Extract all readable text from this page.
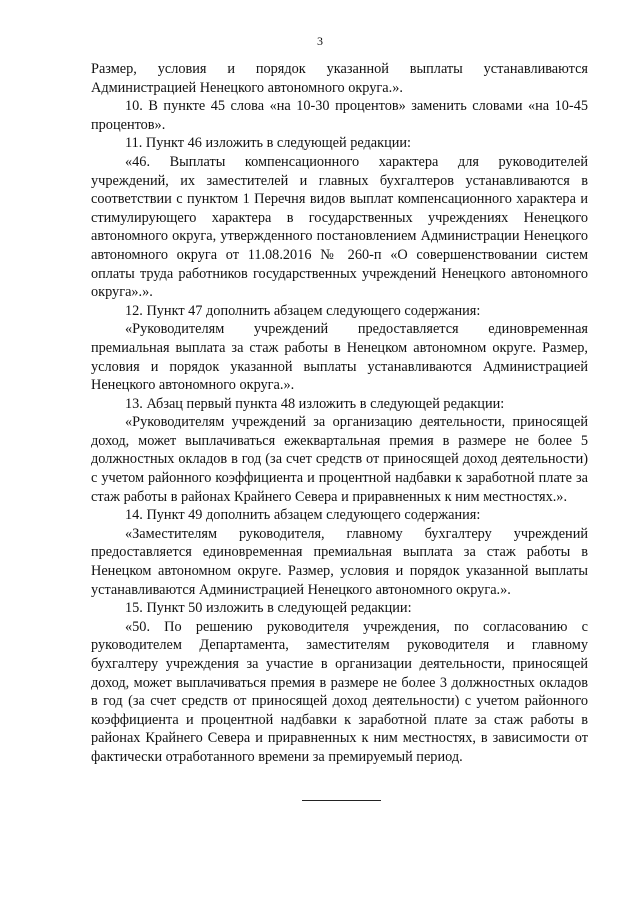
3

Размер, условия и порядок указанной выплаты устанавливаются Администрацией Ненецкого автономного округа.».

10. В пункте 45 слова «на 10-30 процентов» заменить словами «на 10-45 процентов».

11. Пункт 46 изложить в следующей редакции:

«46. Выплаты компенсационного характера для руководителей учреждений, их заместителей и главных бухгалтеров устанавливаются в соответствии с пунктом 1 Перечня видов выплат компенсационного характера и стимулирующего характера в государственных учреждениях Ненецкого автономного округа, утвержденного постановлением Администрации Ненецкого автономного округа от 11.08.2016 № 260-п «О совершенствовании систем оплаты труда работников государственных учреждений Ненецкого автономного округа».».

12. Пункт 47 дополнить абзацем следующего содержания:

«Руководителям учреждений предоставляется единовременная премиальная выплата за стаж работы в Ненецком автономном округе. Размер, условия и порядок указанной выплаты устанавливаются Администрацией Ненецкого автономного округа.».

13. Абзац первый пункта 48 изложить в следующей редакции:

«Руководителям учреждений за организацию деятельности, приносящей доход, может выплачиваться ежеквартальная премия в размере не более 5 должностных окладов в год (за счет средств от приносящей доход деятельности) с учетом районного коэффициента и процентной надбавки к заработной плате за стаж работы в районах Крайнего Севера и приравненных к ним местностях.».

14. Пункт 49 дополнить абзацем следующего содержания:

«Заместителям руководителя, главному бухгалтеру учреждений предоставляется единовременная премиальная выплата за стаж работы в Ненецком автономном округе. Размер, условия и порядок указанной выплаты устанавливаются Администрацией Ненецкого автономного округа.».

15. Пункт 50 изложить в следующей редакции:

«50. По решению руководителя учреждения, по согласованию с руководителем Департамента, заместителям руководителя и главному бухгалтеру учреждения за участие в организации деятельности, приносящей доход, может выплачиваться премия в размере не более 3 должностных окладов в год (за счет средств от приносящей доход деятельности) с учетом районного коэффициента и процентной надбавки к заработной плате за стаж работы в районах Крайнего Севера и приравненных к ним местностях, в зависимости от фактически отработанного времени за премируемый период.
